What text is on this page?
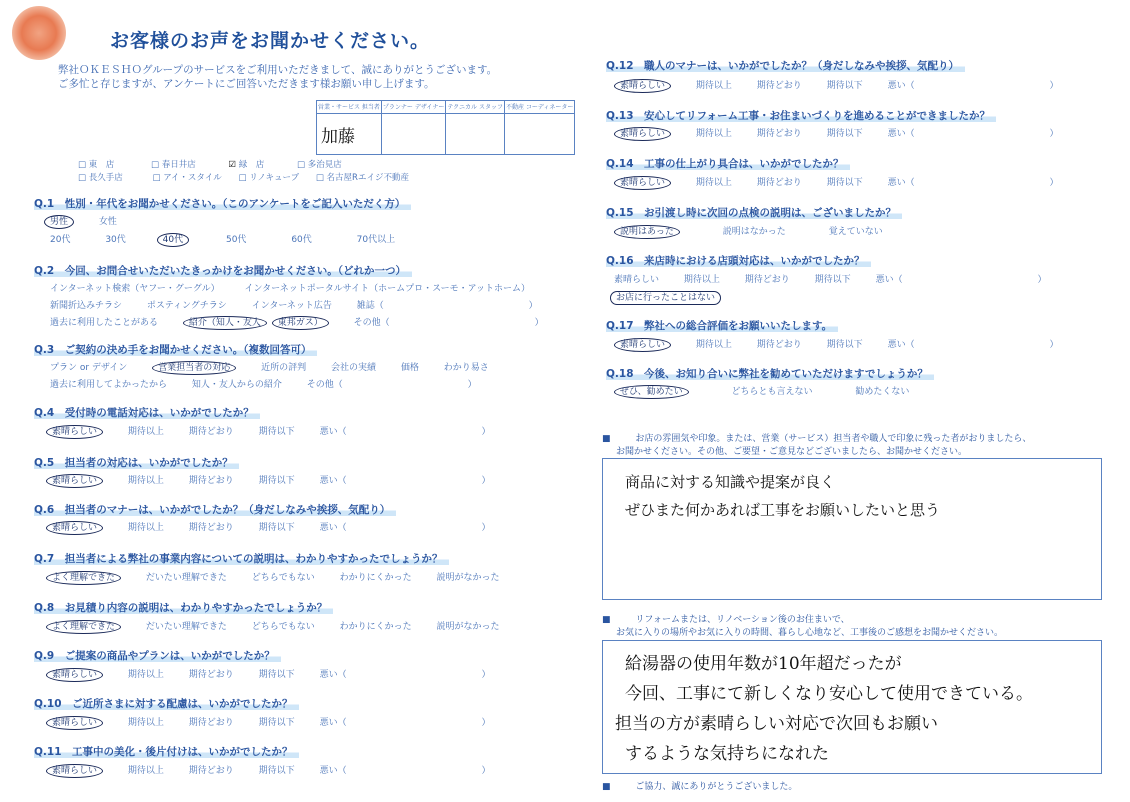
お客様のお声をお聞かせください。
弊社ＯＫＥＳＨＯグループのサービスをご利用いただきまして、誠にありがとうございます。
ご多忙と存じますが、アンケートにご回答いただきます様お願い申し上げます。
営業・サービス 担当者	プランナー デザイナー	テクニカル スタッフ	不動産 コーディネーター
加藤			
□ 東　店	□ 春日井店	☑ 緑　店	□ 多治見店
□ 長久手店	□ アイ・スタイル □ リノキューブ □ 名古屋Rエイジ不動産
Q.1　性別・年代をお聞かせください。（このアンケートをご記入いただく方）
男性	女性
20代	30代	40代	50代	60代	70代以上
Q.2　今回、お問合せいただいたきっかけをお聞かせください。（どれか一つ）
インターネット検索（ヤフー・グーグル）	インターネットポータルサイト（ホームプロ・スーモ・アットホーム）
新聞折込みチラシ	ポスティングチラシ	インターネット広告	雑誌（	）
過去に利用したことがある	紹介（知人・友人 東邦ガス）	その他（	）
Q.3　ご契約の決め手をお聞かせください。（複数回答可）
プラン or デザイン	営業担当者の対応	近所の評判	会社の実績	価格	わかり易さ
過去に利用してよかったから	知人・友人からの紹介	その他（	）
Q.4　受付時の電話対応は、いかがでしたか？
素晴らしい	期待以上	期待どおり	期待以下	悪い（	）
Q.5　担当者の対応は、いかがでしたか？
素晴らしい	期待以上	期待どおり	期待以下	悪い（	）
Q.6　担当者のマナーは、いかがでしたか？（身だしなみや挨拶、気配り）
素晴らしい	期待以上	期待どおり	期待以下	悪い（	）
Q.7　担当者による弊社の事業内容についての説明は、わかりやすかったでしょうか？
よく理解できた	だいたい理解できた	どちらでもない	わかりにくかった	説明がなかった
Q.8　お見積り内容の説明は、わかりやすかったでしょうか？
よく理解できた	だいたい理解できた	どちらでもない	わかりにくかった	説明がなかった
Q.9　ご提案の商品やプランは、いかがでしたか？
素晴らしい	期待以上	期待どおり	期待以下	悪い（	）
Q.10　ご近所さまに対する配慮は、いかがでしたか？
素晴らしい	期待以上	期待どおり	期待以下	悪い（	）
Q.11　工事中の美化・後片付けは、いかがでしたか？
素晴らしい	期待以上	期待どおり	期待以下	悪い（	）
Q.12　職人のマナーは、いかがでしたか？（身だしなみや挨拶、気配り）
素晴らしい	期待以上	期待どおり	期待以下	悪い（	）
Q.13　安心してリフォーム工事・お住まいづくりを進めることができましたか？
素晴らしい	期待以上	期待どおり	期待以下	悪い（	）
Q.14　工事の仕上がり具合は、いかがでしたか？
素晴らしい	期待以上	期待どおり	期待以下	悪い（	）
Q.15　お引渡し時に次回の点検の説明は、ございましたか？
説明はあった	説明はなかった	覚えていない
Q.16　来店時における店頭対応は、いかがでしたか？
素晴らしい	期待以上	期待どおり	期待以下	悪い（	）
お店に行ったことはない
Q.17　弊社への総合評価をお願いいたします。
素晴らしい	期待以上	期待どおり	期待以下	悪い（	）
Q.18　今後、お知り合いに弊社を勧めていただけますでしょうか？
ぜひ、勧めたい	どちらとも言えない	勧めたくない
■	お店の雰囲気や印象。または、営業（サービス）担当者や職人で印象に残った者がおりましたら、
お聞かせください。その他、ご要望・ご意見などございましたら、お聞かせください。
商品に対する知識や提案が良く
ぜひまた何かあれば工事をお願いしたいと思う
■	リフォームまたは、リノベーション後のお住まいで、
お気に入りの場所やお気に入りの時間、暮らし心地など、工事後のご感想をお聞かせください。
給湯器の使用年数が10年超だったが
今回、工事にて新しくなり安心して使用できている。
担当の方が素晴らしい対応で次回もお願い
するような気持ちになれた
■	ご協力、誠にありがとうございました。
